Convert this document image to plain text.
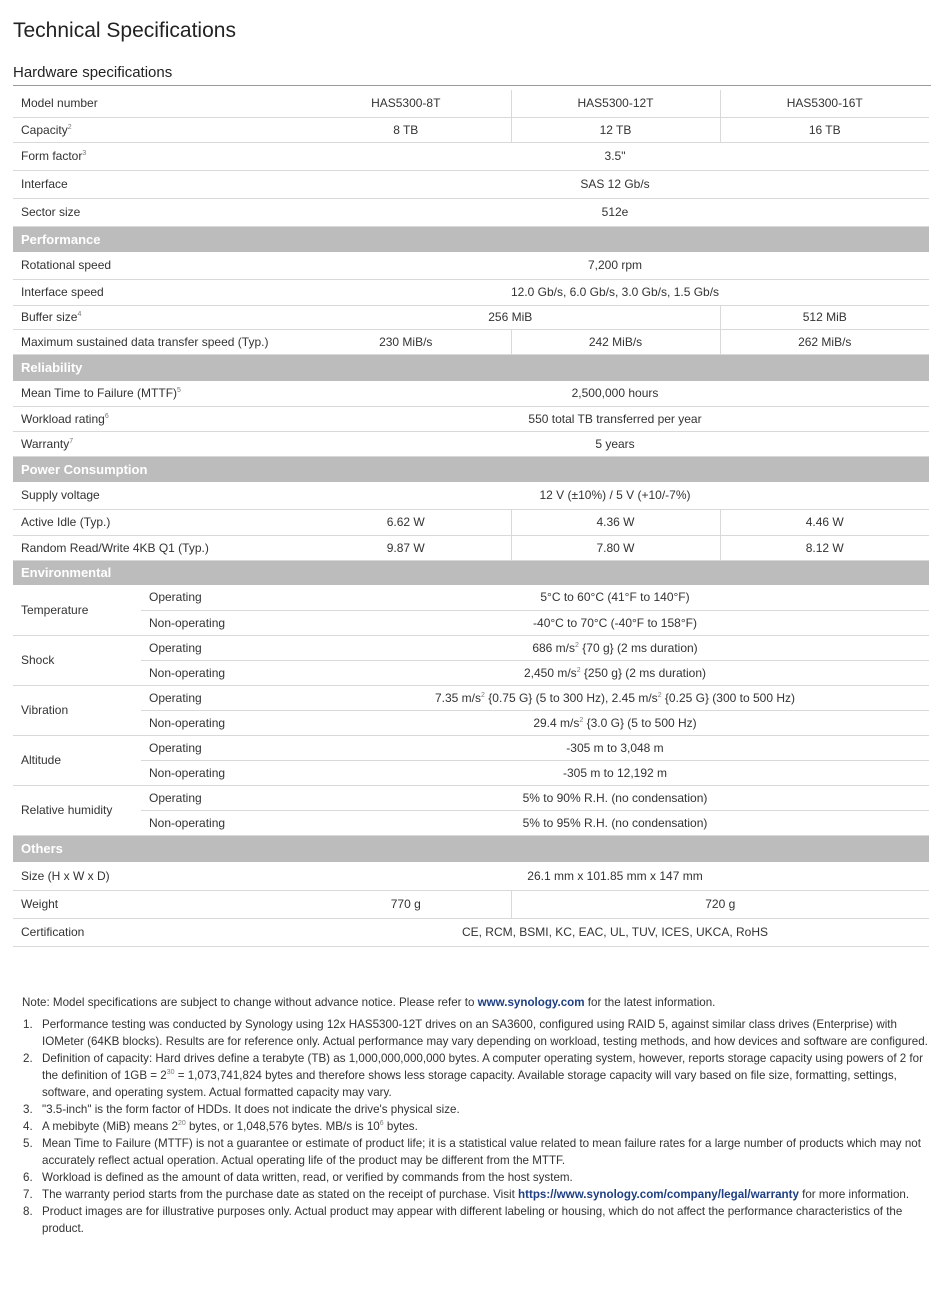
Technical Specifications
Hardware specifications
Model number		HAS5300-8T	HAS5300-12T	HAS5300-16T
Capacity$^2$		8 TB	12 TB	16 TB
Form factor$^3$		3.5"		
Interface		SAS 12 Gb/s		
Sector size		512e		
Performance				
Rotational speed		7,200 rpm		
Interface speed		12.0 Gb/s, 6.0 Gb/s, 3.0 Gb/s, 1.5 Gb/s		
Buffer size$^4$		256 MiB		512 MiB
Maximum sustained data transfer speed (Typ.)		230 MiB/s	242 MiB/s	262 MiB/s
Reliability				
Mean Time to Failure (MTTF)$^5$		2,500,000 hours		
Workload rating$^6$		550 total TB transferred per year		
Warranty$^7$		5 years		
Power Consumption				
Supply voltage		12 V (±10%) / 5 V (+10/-7%)		
Active Idle (Typ.)		6.62 W	4.36 W	4.46 W
Random Read/Write 4KB Q1 (Typ.)		9.87 W	7.80 W	8.12 W
Environmental				
Temperature	Operating	5°C to 60°C (41°F to 140°F)		
	Non-operating	-40°C to 70°C (-40°F to 158°F)		
Shock	Operating	686 $m/s^2$ {70 g} (2 ms duration)		
	Non-operating	2,450 $m/s^2$ {250 g} (2 ms duration)		
Vibration	Operating	7.35 $m/s^2$ {0.75 G} (5 to 300 Hz), 2.45 $m/s^2$ {0.25 G} (300 to 500 Hz)		
	Non-operating	29.4 $m/s^2$ {3.0 G} (5 to 500 Hz)		
Altitude	Operating	-305 m to 3,048 m		
	Non-operating	-305 m to 12,192 m		
Relative humidity	Operating	5% to 90% R.H. (no condensation)		
	Non-operating	5% to 95% R.H. (no condensation)		
Others				
Size (H x W x D)		26.1 mm x 101.85 mm x 147 mm		
Weight		770 g	720 g	
Certification		CE, RCM, BSMI, KC, EAC, UL, TUV, ICES, UKCA, RoHS		

Note: Model specifications are subject to change without advance notice. Please refer to www.synology.com for the latest information.

1. Performance testing was conducted by Synology using 12x HAS5300-12T drives on an SA3600, configured using RAID 5, against similar class drives (Enterprise) with IOMeter (64KB blocks). Results are for reference only. Actual performance may vary depending on workload, testing methods, and how devices and software are configured.
2. Definition of capacity: Hard drives define a terabyte (TB) as 1,000,000,000,000 bytes. A computer operating system, however, reports storage capacity using powers of 2 for the definition of $1GB = 2^{30} = 1,073,741,824$ bytes and therefore shows less storage capacity. Available storage capacity will vary based on file size, formatting, settings, software, and operating system. Actual formatted capacity may vary.
3. "3.5-inch" is the form factor of HDDs. It does not indicate the drive's physical size.
4. A mebibyte (MiB) means $2^{20}$ bytes, or 1,048,576 bytes. MB/s is $10^6$ bytes.
5. Mean Time to Failure (MTTF) is not a guarantee or estimate of product life; it is a statistical value related to mean failure rates for a large number of products which may not accurately reflect actual operation. Actual operating life of the product may be different from the MTTF.
6. Workload is defined as the amount of data written, read, or verified by commands from the host system.
7. The warranty period starts from the purchase date as stated on the receipt of purchase. Visit https://www.synology.com/company/legal/warranty for more information.
8. Product images are for illustrative purposes only. Actual product may appear with different labeling or housing, which do not affect the performance characteristics of the product.
